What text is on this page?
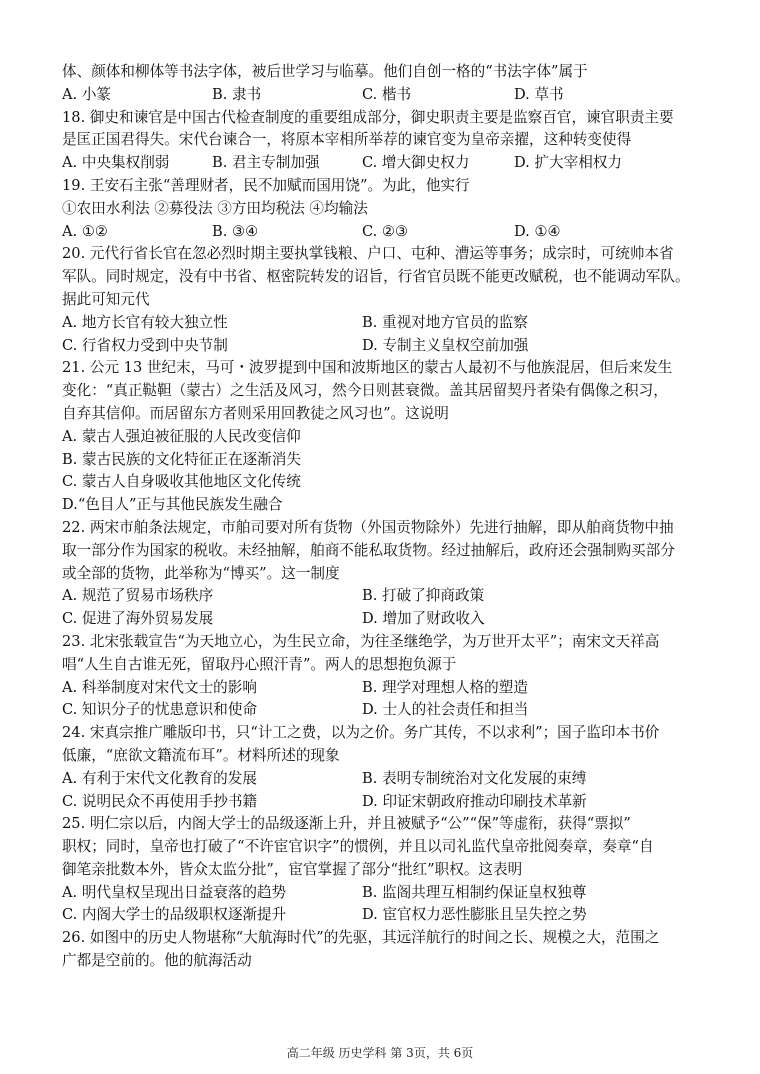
体、颜体和柳体等书法字体，被后世学习与临摹。他们自创一格的“书法字体”属于
A. 小篆	B. 隶书	C. 楷书	D. 草书
18. 御史和谏官是中国古代检查制度的重要组成部分，御史职责主要是监察百官，谏官职责主要
是匡正国君得失。宋代台谏合一，将原本宰相所举荐的谏官变为皇帝亲擢，这种转变使得
A. 中央集权削弱	B. 君主专制加强	C. 增大御史权力	D. 扩大宰相权力
19. 王安石主张“善理财者，民不加赋而国用饶”。为此，他实行
①农田水利法 ②募役法 ③方田均税法 ④均输法
A. ①②	B. ③④	C. ②③	D. ①④
20. 元代行省长官在忽必烈时期主要执掌钱粮、户口、屯种、漕运等事务；成宗时，可统帅本省
军队。同时规定，没有中书省、枢密院转发的诏旨，行省官员既不能更改赋税，也不能调动军队。
据此可知元代
A. 地方长官有较大独立性	B. 重视对地方官员的监察
C. 行省权力受到中央节制	D. 专制主义皇权空前加强
21. 公元 13 世纪末，马可・波罗提到中国和波斯地区的蒙古人最初不与他族混居，但后来发生
变化：“真正鞑靼（蒙古）之生活及风习，然今日则甚衰微。盖其居留契丹者染有偶像之积习，
自弃其信仰。而居留东方者则采用回教徒之风习也”。这说明
A. 蒙古人强迫被征服的人民改变信仰
B. 蒙古民族的文化特征正在逐渐消失
C. 蒙古人自身吸收其他地区文化传统
D.“色目人”正与其他民族发生融合
22. 两宋市舶条法规定，市舶司要对所有货物（外国贡物除外）先进行抽解，即从舶商货物中抽
取一部分作为国家的税收。未经抽解，舶商不能私取货物。经过抽解后，政府还会强制购买部分
或全部的货物，此举称为“博买”。这一制度
A. 规范了贸易市场秩序	B. 打破了抑商政策
C. 促进了海外贸易发展	D. 增加了财政收入
23. 北宋张载宣告“为天地立心，为生民立命，为往圣继绝学，为万世开太平”；南宋文天祥高
唱“人生自古谁无死，留取丹心照汗青”。两人的思想抱负源于
A. 科举制度对宋代文士的影响	B. 理学对理想人格的塑造
C. 知识分子的忧患意识和使命	D. 士人的社会责任和担当
24. 宋真宗推广雕版印书，只“计工之费，以为之价。务广其传，不以求利”；国子监印本书价
低廉，“庶欲文籍流布耳”。材料所述的现象
A. 有利于宋代文化教育的发展	B. 表明专制统治对文化发展的束缚
C. 说明民众不再使用手抄书籍	D. 印证宋朝政府推动印刷技术革新
25. 明仁宗以后，内阁大学士的品级逐渐上升，并且被赋予“公”“保”等虚衔，获得“票拟”
职权；同时，皇帝也打破了“不许宦官识字”的惯例，并且以司礼监代皇帝批阅奏章，奏章“自
御笔亲批数本外，皆众太监分批”，宦官掌握了部分“批红”职权。这表明
A. 明代皇权呈现出日益衰落的趋势	B. 监阁共理互相制约保证皇权独尊
C. 内阁大学士的品级职权逐渐提升	D. 宦官权力恶性膨胀且呈失控之势
26. 如图中的历史人物堪称“大航海时代”的先驱，其远洋航行的时间之长、规模之大，范围之
广都是空前的。他的航海活动
高二年级 历史学科 第 3页，共 6页
